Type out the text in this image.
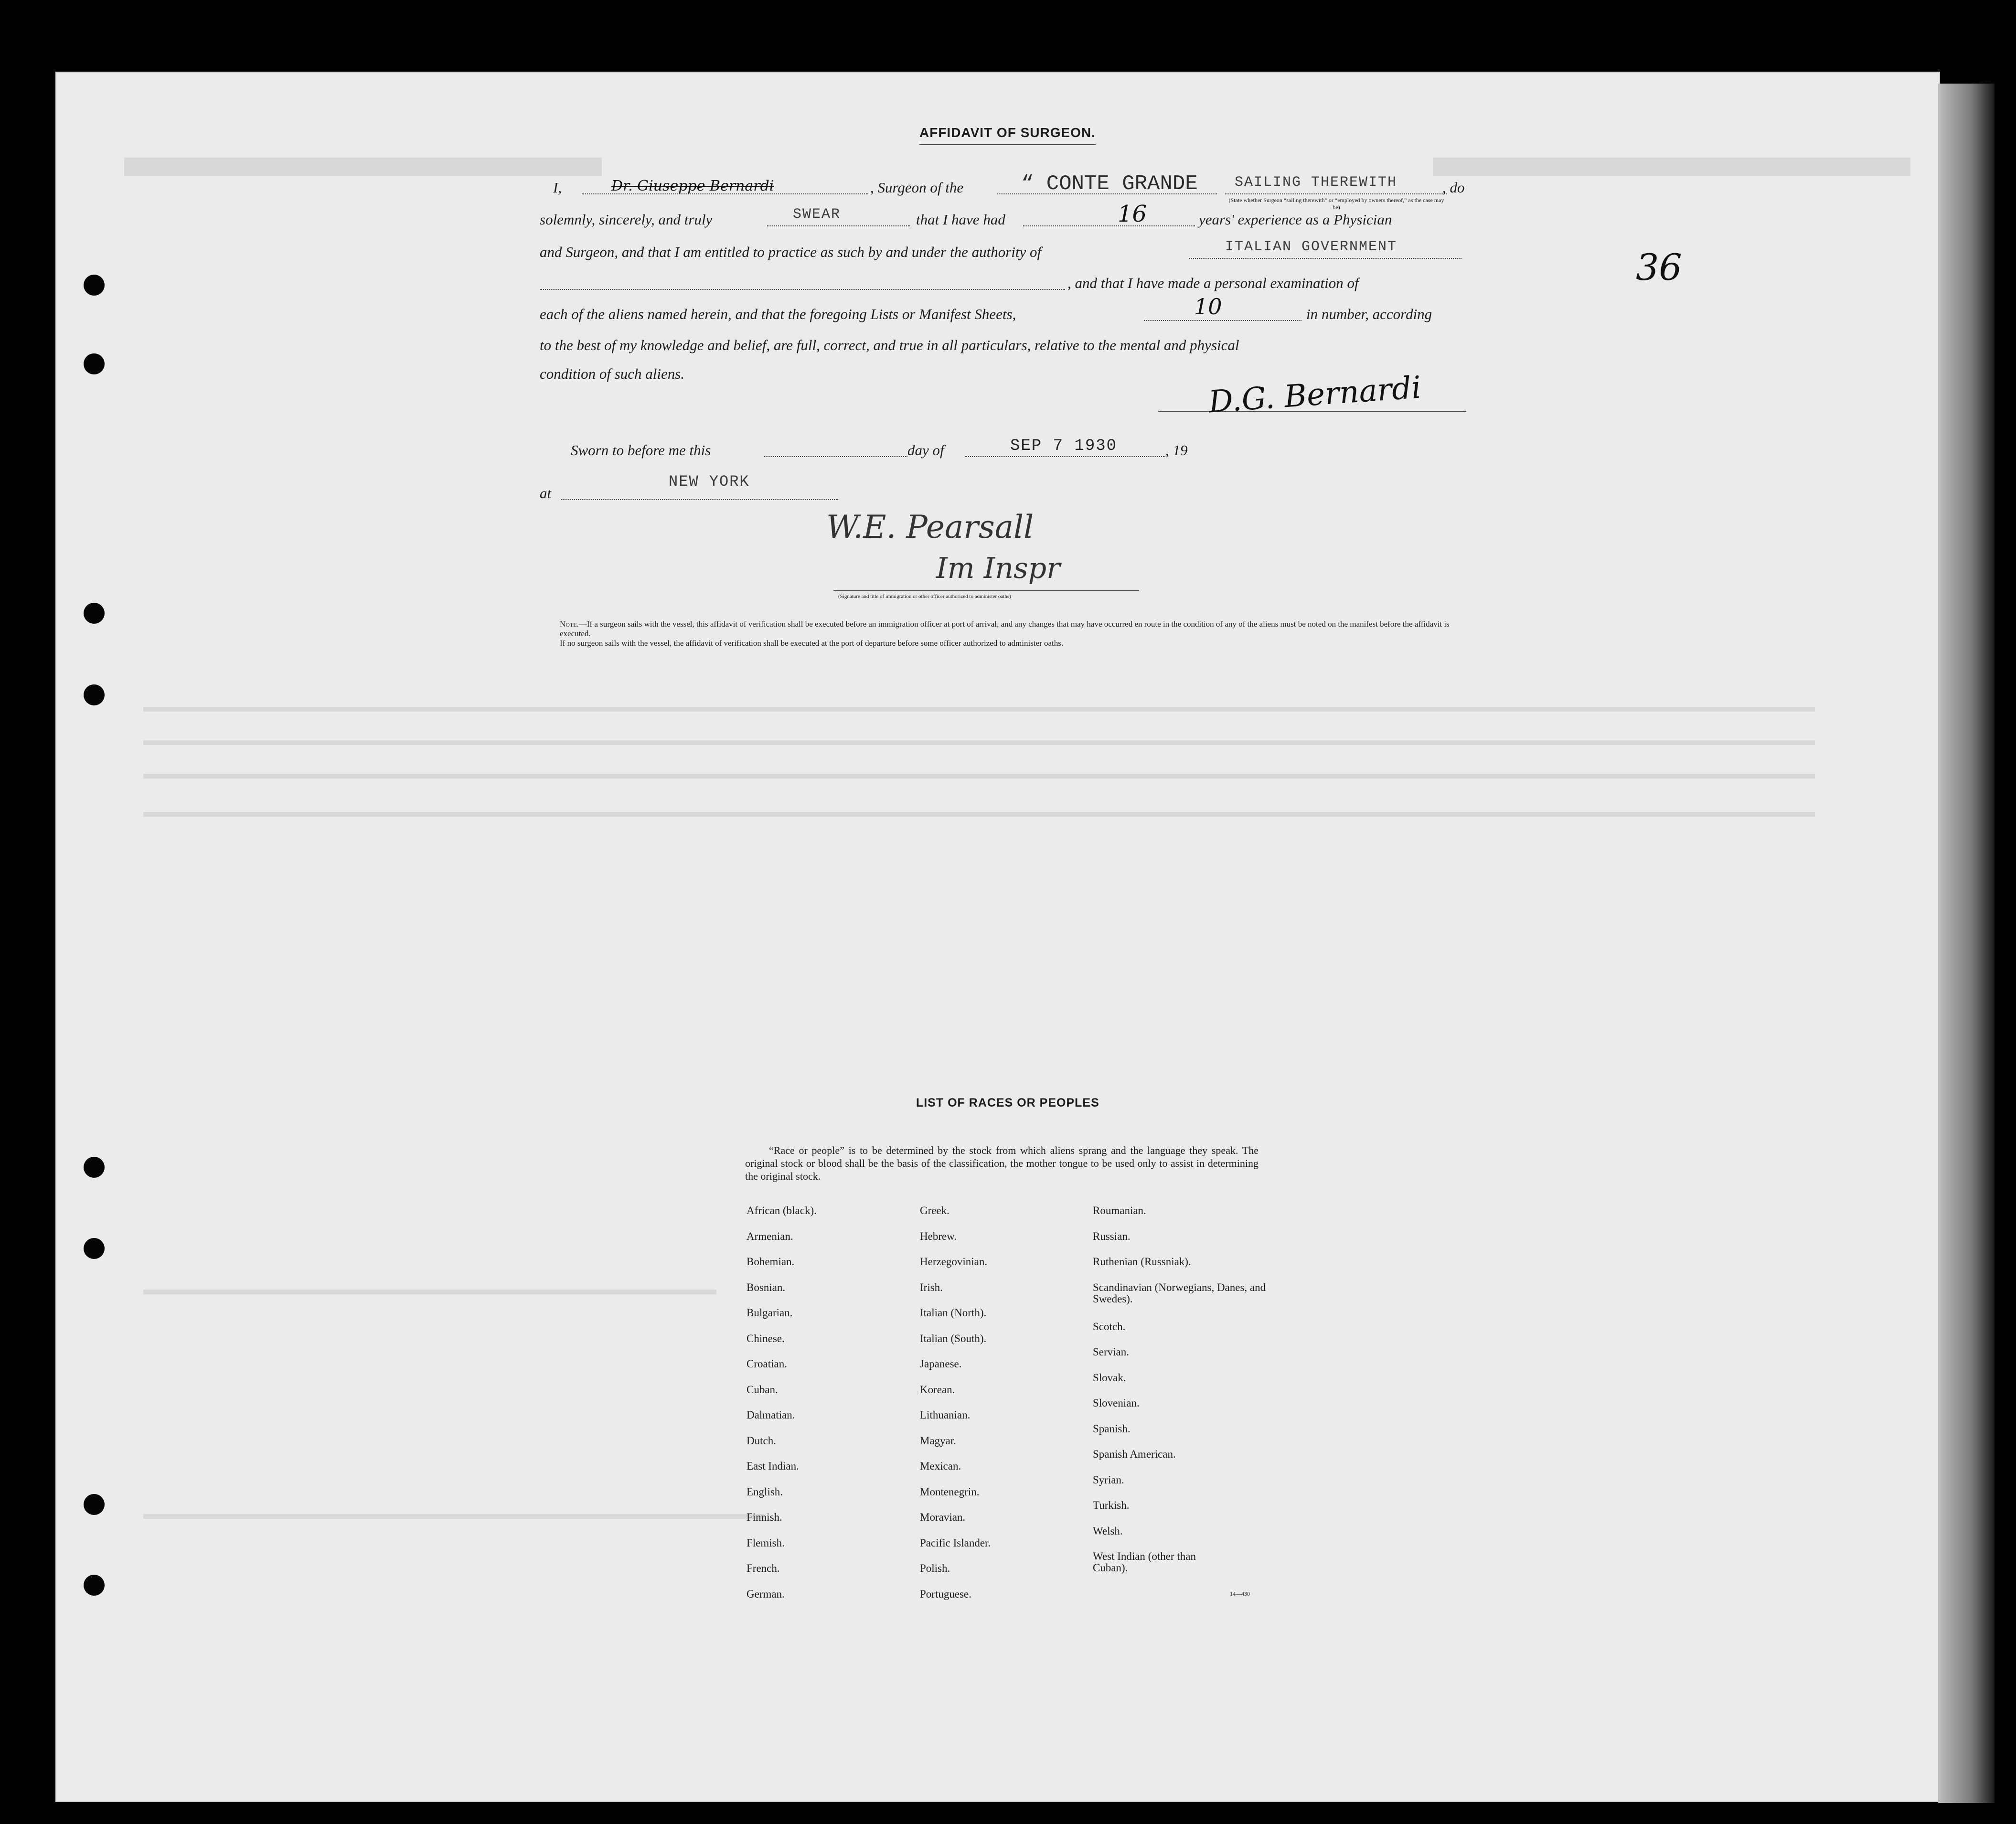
36
AFFIDAVIT OF SURGEON.
I,	Dr. Giuseppe Bernardi	, Surgeon of the	“ CONTE GRANDE	SAILING THEREWITH
(State whether Surgeon “sailing therewith” or “employed by owners thereof,” as the case may be)
, do
solemnly, sincerely, and truly	SWEAR	that I have had	16	years' experience as a Physician
and Surgeon, and that I am entitled to practice as such by and under the authority of	ITALIAN GOVERNMENT
, and that I have made a personal examination of
each of the aliens named herein, and that the foregoing Lists or Manifest Sheets,	10	in number, according
to the best of my knowledge and belief, are full, correct, and true in all particulars, relative to the mental and physical
condition of such aliens.	D.G. Bernardi
Sworn to before me this	day of	SEP 7 1930	, 19
at
NEW YORK
W.E. Pearsall
Im Inspr
(Signature and title of immigration or other officer authorized to administer oaths)
Note.—If a surgeon sails with the vessel, this affidavit of verification shall be executed before an immigration officer at port of arrival, and any changes that may have occurred en route in the condition of any of the aliens must be noted on the manifest before the affidavit is executed.
If no surgeon sails with the vessel, the affidavit of verification shall be executed at the port of departure before some officer authorized to administer oaths.
LIST OF RACES OR PEOPLES
“Race or people” is to be determined by the stock from which aliens sprang and the language they speak. The original stock or blood shall be the basis of the classification, the mother tongue to be used only to assist in determining the original stock.
African (black).
Armenian.
Bohemian.
Bosnian.
Bulgarian.
Chinese.
Croatian.
Cuban.
Dalmatian.
Dutch.
East Indian.
English.
Finnish.
Flemish.
French.
German.
Greek.
Hebrew.
Herzegovinian.
Irish.
Italian (North).
Italian (South).
Japanese.
Korean.
Lithuanian.
Magyar.
Mexican.
Montenegrin.
Moravian.
Pacific Islander.
Polish.
Portuguese.
Roumanian.
Russian.
Ruthenian (Russniak).
Scandinavian (Norwegians, Danes, and Swedes).
Scotch.
Servian.
Slovak.
Slovenian.
Spanish.
Spanish American.
Syrian.
Turkish.
Welsh.
West Indian (other than Cuban).
14—430
